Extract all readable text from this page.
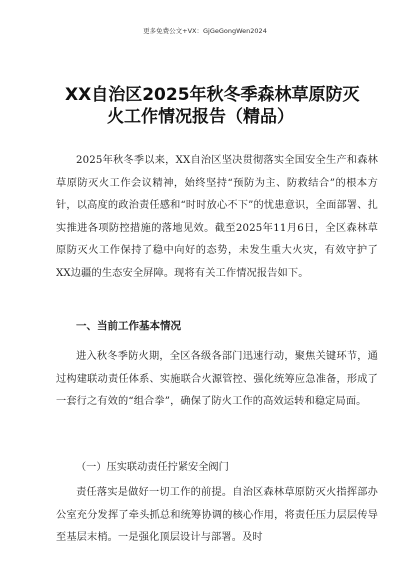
更多免费公文+VX：GjGeGongWen2024
XX自治区2025年秋冬季森林草原防灭
火工作情况报告（精品）
2025年秋冬季以来，XX自治区坚决贯彻落实全国安全生产和森林草原防灭火工作会议精神，始终坚持“预防为主、防救结合”的根本方针，以高度的政治责任感和“时时放心不下”的忧患意识，全面部署、扎实推进各项防控措施的落地见效。截至2025年11月6日，全区森林草原防灭火工作保持了稳中向好的态势，未发生重大火灾，有效守护了XX边疆的生态安全屏障。现将有关工作情况报告如下。
一、当前工作基本情况
进入秋冬季防火期，全区各级各部门迅速行动，聚焦关键环节，通过构建联动责任体系、实施联合火源管控、强化统筹应急准备，形成了一套行之有效的“组合拳”，确保了防火工作的高效运转和稳定局面。
（一）压实联动责任拧紧安全阀门
责任落实是做好一切工作的前提。自治区森林草原防灭火指挥部办公室充分发挥了牵头抓总和统筹协调的核心作用，将责任压力层层传导至基层末梢。一是强化顶层设计与部署。及时
